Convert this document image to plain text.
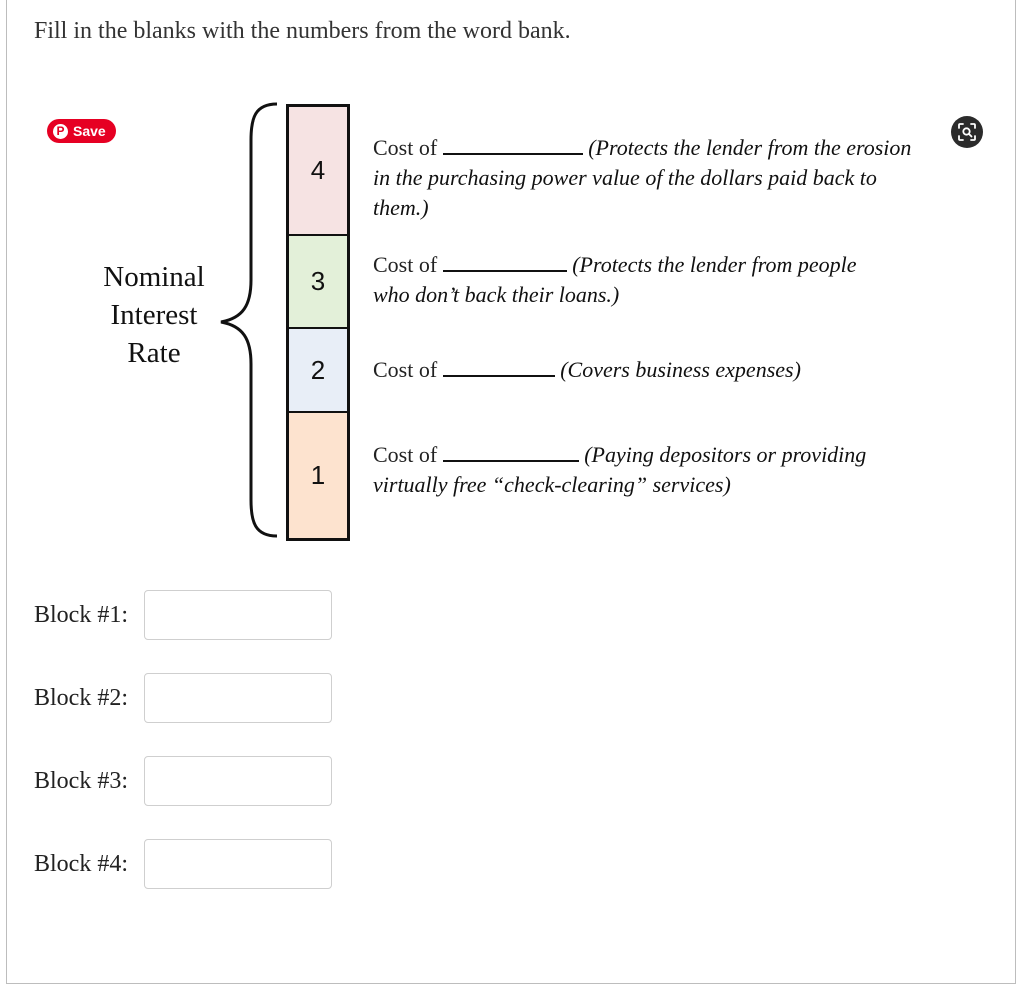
Fill in the blanks with the numbers from the word bank.
P Save
Nominal
Interest
Rate
4
3
2
1
Cost of	(Protects the lender from the erosion in the purchasing power value of the dollars paid back to them.)
Cost of	(Protects the lender from people who don’t back their loans.)
Cost of	(Covers business expenses)
Cost of	(Paying depositors or providing virtually free “check-clearing” services)
Block #1:
Block #2:
Block #3:
Block #4:
